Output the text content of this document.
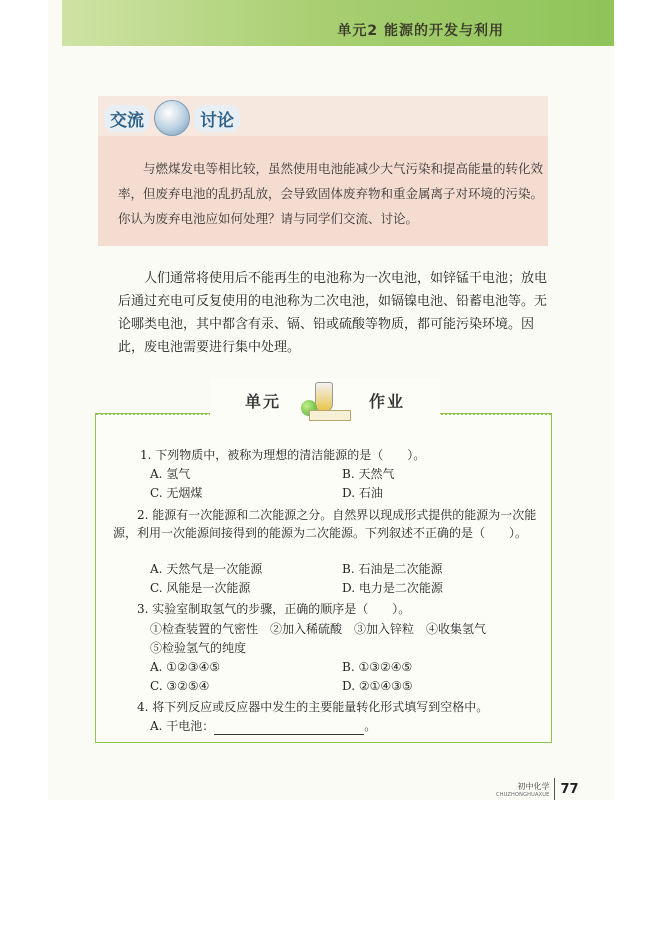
单元2 能源的开发与利用
交流	讨论

与燃煤发电等相比较，虽然使用电池能减少大气污染和提高能量的转化效率，但废弃电池的乱扔乱放，会导致固体废弃物和重金属离子对环境的污染。你认为废弃电池应如何处理？请与同学们交流、讨论。

人们通常将使用后不能再生的电池称为一次电池，如锌锰干电池；放电后通过充电可反复使用的电池称为二次电池，如镉镍电池、铅蓄电池等。无论哪类电池，其中都含有汞、镉、铅或硫酸等物质，都可能污染环境。因此，废电池需要进行集中处理。

单元	作业

1. 下列物质中，被称为理想的清洁能源的是（　　）。

A. 氢气	B. 天然气

C. 无烟煤	D. 石油

2. 能源有一次能源和二次能源之分。自然界以现成形式提供的能源为一次能源，利用一次能源间接得到的能源为二次能源。下列叙述不正确的是（　　）。

A. 天然气是一次能源	B. 石油是二次能源

C. 风能是一次能源	D. 电力是二次能源

3. 实验室制取氢气的步骤，正确的顺序是（　　）。

①检查装置的气密性　②加入稀硫酸　③加入锌粒　④收集氢气

⑤检验氢气的纯度

A. ①②③④⑤	B. ①③②④⑤

C. ③②⑤④	D. ②①④③⑤

4. 将下列反应或反应器中发生的主要能量转化形式填写到空格中。

A. 干电池：	。

初中化学
CHUZHONGHUAXUE 77
